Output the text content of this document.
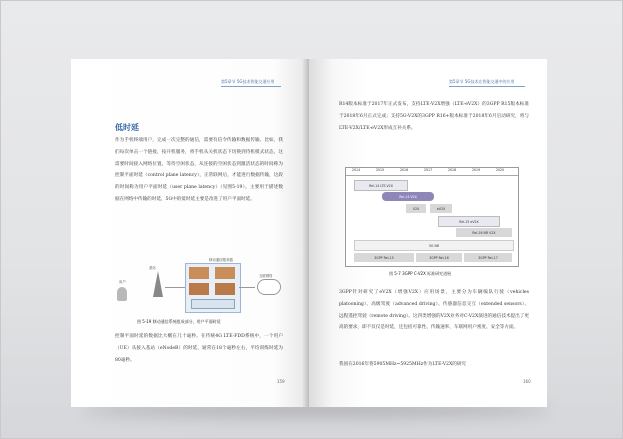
第5章节 5G技术智能交通应用
低时延
作为手机终端用户，完成一次完整的通信，需要有信令传输和数据传输。比如，我们每次单击一个链接，按开机服务，将手机从关机状态下切换到待机模式状态，这需要时间接入网络位置，等待空闲状态，从连接的空闲状态到激活状态的时间称为控制平面时延（control plane latency），正常联网后，才能进行数据传输，这段的时间称为用户平面时延（user plane latency）（见图5-19）。主要用于描述数据在网络中传输的时延，5G中的低时延主要是改进了用户平面时延。
移动通信服务器
用户
基站
互联网络
图 5-19 移动通信系统组成部分，用户平面时延
控制平面时延的数据比大概在几十毫秒。在传统4G LTE-FDD系统中，一个用户（UE）从接入基站（eNodeB）的时延，通常在18个毫秒左右，平均训练时延为80毫秒。
159
第5章节 5G技术在智能交通中的应用
R14版本标准于2017年正式发布，支持LTE-V2X增强（LTE-eV2X）的3GPP R15版本标准于2018年6月正式完成；支持5G-V2X的3GPP R16+版本标准于2018年6月启动研究，将与LTE-V2X/LTE-eV2X形成互补关系。
2014	2015	2016	2017	2018	2019	2020
Rel-14 LTE-V2X
Rel-14 V2X
V2X	eV2X
Rel-15 eV2X
Rel-16 NR V2X
5G NR
3GPP Rel-15	3GPP Rel-16	3GPP Rel-17
图 5-7 3GPP C-V2X 标准研究进展
3GPP针对研究了eV2X（增强V2X）应用场景，主要分为车辆编队行驶（vehicles platooning）、高级驾驶（advanced driving）、传感器信息交互（extended sensors）、远程遥控驾驶（remote driving）。这四类增强的V2X业务对C-V2X演进的通信技术提出了更高的要求，即不仅仅是时延，还包括可靠性、传输速率、车联网用户密度、安全等方面。
我国在2016年将5905MHz~5925MHz作为LTE-V2X的研究
160
